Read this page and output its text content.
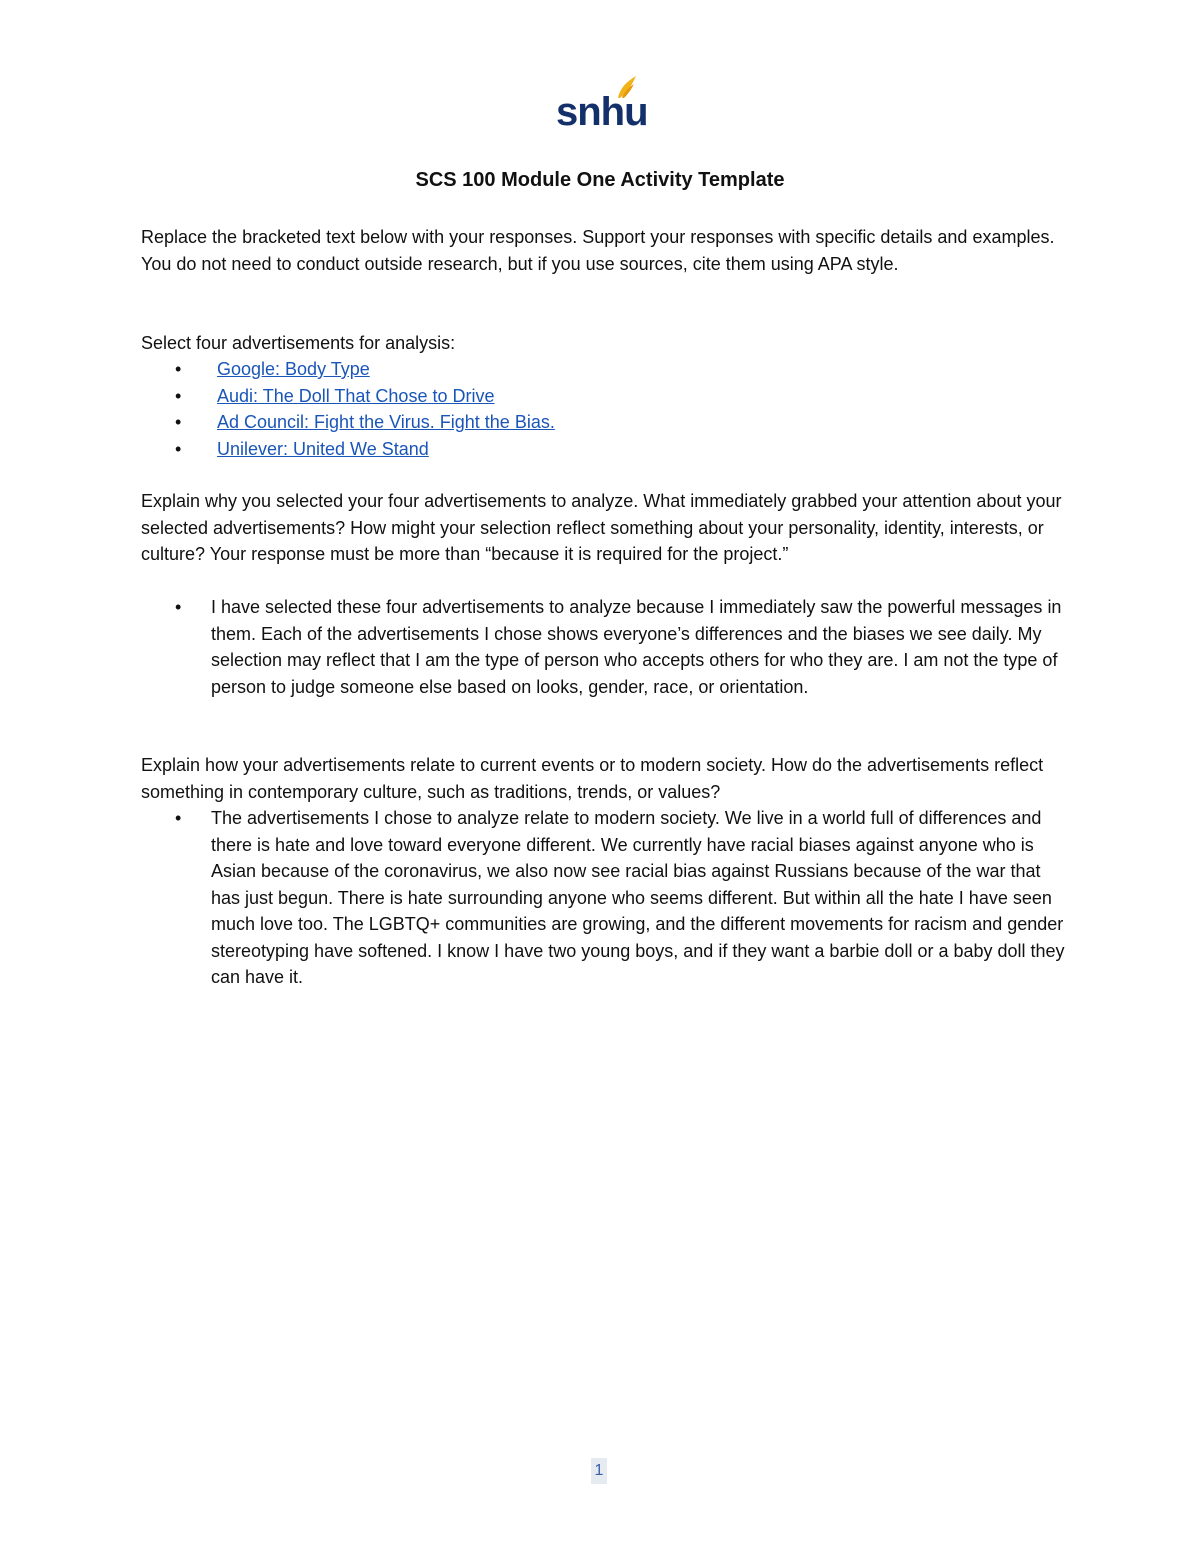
snhu
SCS 100 Module One Activity Template
Replace the bracketed text below with your responses. Support your responses with specific details and examples. You do not need to conduct outside research, but if you use sources, cite them using APA style.
Select four advertisements for analysis:
• Google: Body Type
• Audi: The Doll That Chose to Drive
• Ad Council: Fight the Virus. Fight the Bias.
• Unilever: United We Stand
Explain why you selected your four advertisements to analyze. What immediately grabbed your attention about your selected advertisements? How might your selection reflect something about your personality, identity, interests, or culture? Your response must be more than “because it is required for the project.”
• I have selected these four advertisements to analyze because I immediately saw the powerful messages in them. Each of the advertisements I chose shows everyone’s differences and the biases we see daily. My selection may reflect that I am the type of person who accepts others for who they are. I am not the type of person to judge someone else based on looks, gender, race, or orientation.
Explain how your advertisements relate to current events or to modern society. How do the advertisements reflect something in contemporary culture, such as traditions, trends, or values?
• The advertisements I chose to analyze relate to modern society. We live in a world full of differences and there is hate and love toward everyone different. We currently have racial biases against anyone who is Asian because of the coronavirus, we also now see racial bias against Russians because of the war that has just begun. There is hate surrounding anyone who seems different. But within all the hate I have seen much love too. The LGBTQ+ communities are growing, and the different movements for racism and gender stereotyping have softened. I know I have two young boys, and if they want a barbie doll or a baby doll they can have it.
1
